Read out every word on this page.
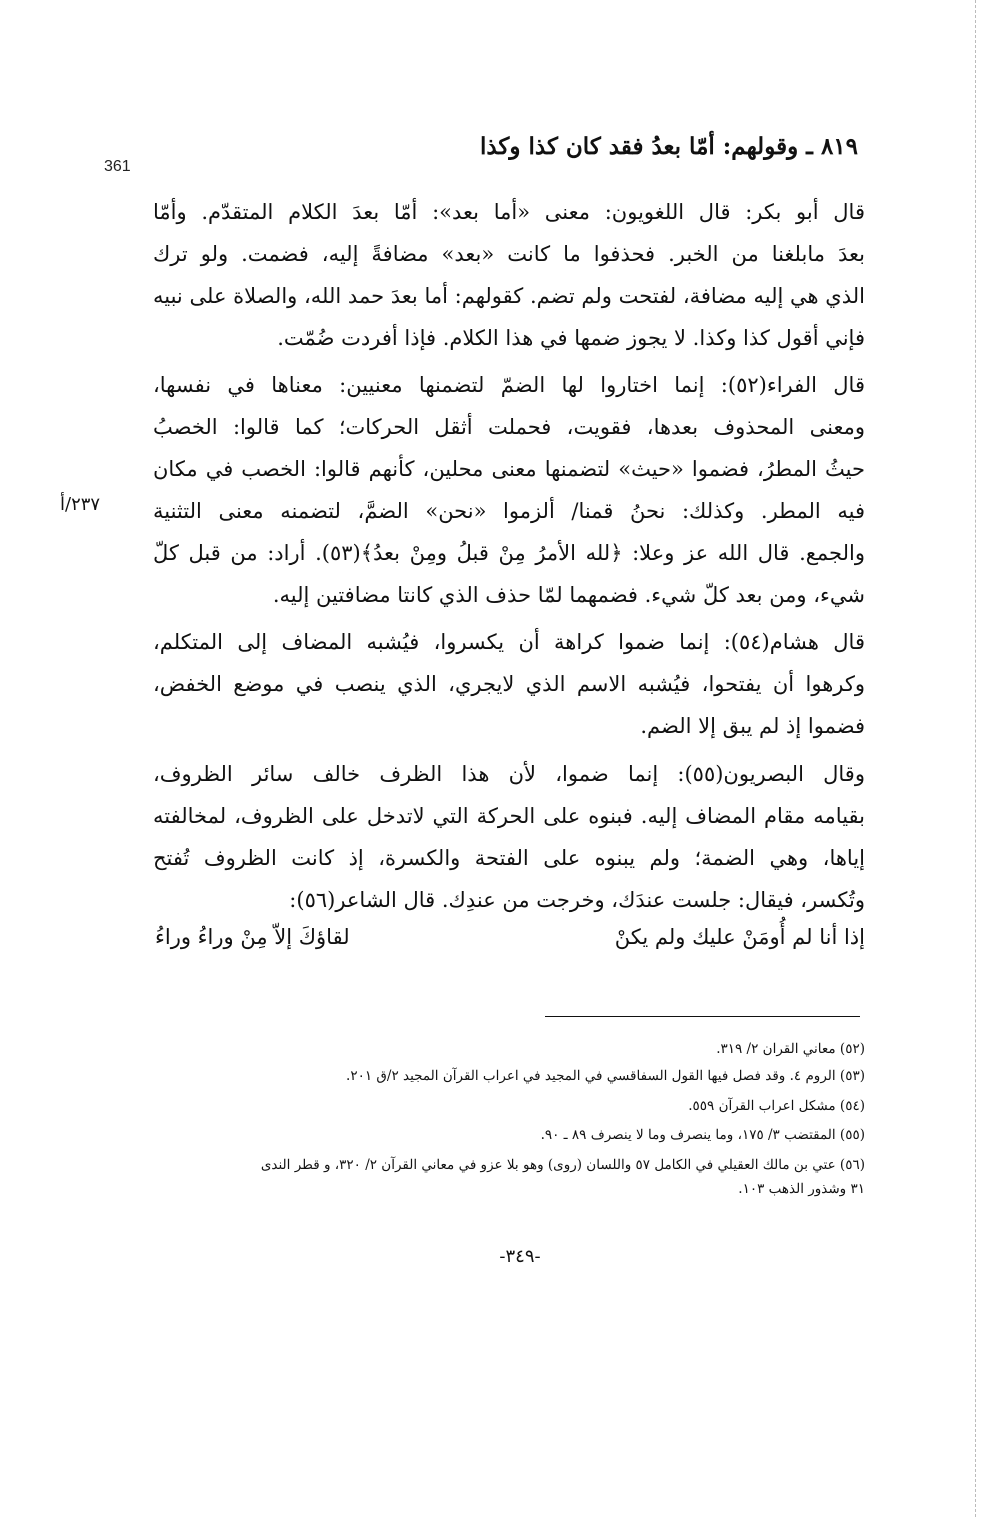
361
٨١٩ ـ وقولهم: أمّا بعدُ فقد كان كذا وكذا
٢٣٧/أ
قال أبو بكر: قال اللغويون: معنى «أما بعد»: أمّا بعدَ الكلام المتقدّم. وأمّا
بعدَ مابلغنا من الخبر. فحذفوا ما كانت «بعد» مضافةً إليه، فضمت. ولو ترك
الذي هي إليه مضافة، لفتحت ولم تضم. كقولهم: أما بعدَ حمد الله، والصلاة على نبيه
فإني أقول كذا وكذا. لا يجوز ضمها في هذا الكلام. فإذا أفردت ضُمّت.
قال الفراء(٥٢): إنما اختاروا لها الضمّ لتضمنها معنيين: معناها في نفسها،
ومعنى المحذوف بعدها، فقويت، فحملت أثقل الحركات؛ كما قالوا: الخصبُ
حيثُ المطرُ، فضموا «حيث» لتضمنها معنى محلين، كأنهم قالوا: الخصب في مكان
فيه المطر. وكذلك: نحنُ قمنا/ ألزموا «نحن» الضمَّ، لتضمنه معنى التثنية
والجمع. قال الله عز وعلا: ﴿لله الأمرُ مِنْ قبلُ ومِنْ بعدُ﴾(٥٣). أراد: من قبل كلّ
شيء، ومن بعد كلّ شيء. فضمهما لمّا حذف الذي كانتا مضافتين إليه.
قال هشام(٥٤): إنما ضموا كراهة أن يكسروا، فيُشبه المضاف إلى المتكلم،
وكرهوا أن يفتحوا، فيُشبه الاسم الذي لايجري، الذي ينصب في موضع الخفض،
فضموا إذ لم يبق إلا الضم.
وقال البصريون(٥٥): إنما ضموا، لأن هذا الظرف خالف سائر الظروف،
بقيامه مقام المضاف إليه. فبنوه على الحركة التي لاتدخل على الظروف، لمخالفته
إياها، وهي الضمة؛ ولم يبنوه على الفتحة والكسرة، إذ كانت الظروف تُفتح
وتُكسر، فيقال: جلست عندَك، وخرجت من عندِك. قال الشاعر(٥٦):
إذا أنا لم أُومَنْ عليك ولم يكنْ
لقاؤكَ إلاّ مِنْ وراءُ وراءُ
(٥٢) معاني القران ٢/ ٣١٩.
(٥٣) الروم ٤. وقد فصل فيها القول السفاقسي في المجيد في اعراب القرآن المجيد ٢/ق ٢٠١.
(٥٤) مشكل اعراب القرآن ٥٥٩.
(٥٥) المقتضب ٣/ ١٧٥، وما ينصرف وما لا ينصرف ٨٩ ـ ٩٠.
(٥٦) عتي بن مالك العقيلي في الكامل ٥٧ واللسان (روى) وهو بلا عزو في معاني القرآن ٢/ ٣٢٠، و قطر الندى
٣١ وشذور الذهب ١٠٣.
-٣٤٩-
